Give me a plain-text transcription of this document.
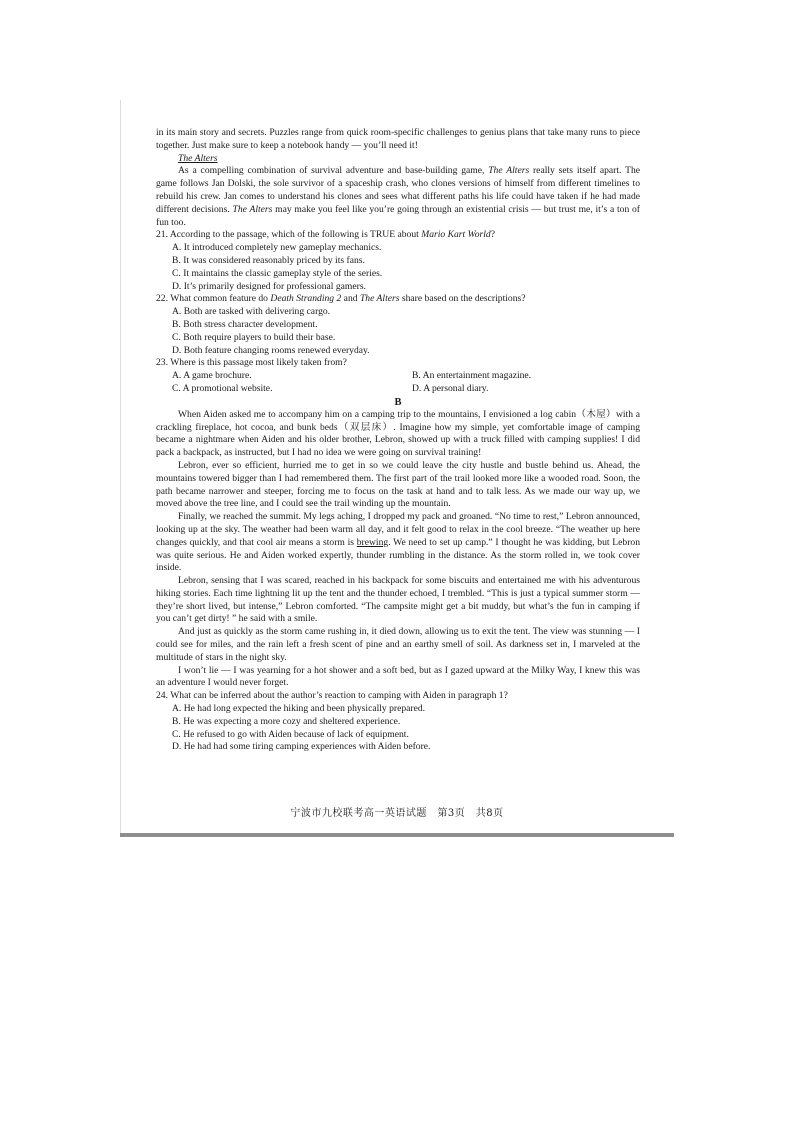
in its main story and secrets. Puzzles range from quick room-specific challenges to genius plans that take many runs to piece together. Just make sure to keep a notebook handy — you’ll need it!

The Alters

As a compelling combination of survival adventure and base-building game, The Alters really sets itself apart. The game follows Jan Dolski, the sole survivor of a spaceship crash, who clones versions of himself from different timelines to rebuild his crew. Jan comes to understand his clones and sees what different paths his life could have taken if he had made different decisions. The Alters may make you feel like you’re going through an existential crisis — but trust me, it’s a ton of fun too.

21. According to the passage, which of the following is TRUE about Mario Kart World?

A. It introduced completely new gameplay mechanics.

B. It was considered reasonably priced by its fans.

C. It maintains the classic gameplay style of the series.

D. It’s primarily designed for professional gamers.

22. What common feature do Death Stranding 2 and The Alters share based on the descriptions?

A. Both are tasked with delivering cargo.

B. Both stress character development.

C. Both require players to build their base.

D. Both feature changing rooms renewed everyday.

23. Where is this passage most likely taken from?

A. A game brochure.	B. An entertainment magazine.
C. A promotional website.	D. A personal diary.

B

When Aiden asked me to accompany him on a camping trip to the mountains, I envisioned a log cabin（木屋）with a crackling fireplace, hot cocoa, and bunk beds（双层床）. Imagine how my simple, yet comfortable image of camping became a nightmare when Aiden and his older brother, Lebron, showed up with a truck filled with camping supplies! I did pack a backpack, as instructed, but I had no idea we were going on survival training!

Lebron, ever so efficient, hurried me to get in so we could leave the city hustle and bustle behind us. Ahead, the mountains towered bigger than I had remembered them. The first part of the trail looked more like a wooded road. Soon, the path became narrower and steeper, forcing me to focus on the task at hand and to talk less. As we made our way up, we moved above the tree line, and I could see the trail winding up the mountain.

Finally, we reached the summit. My legs aching, I dropped my pack and groaned. “No time to rest,” Lebron announced, looking up at the sky. The weather had been warm all day, and it felt good to relax in the cool breeze. “The weather up here changes quickly, and that cool air means a storm is brewing. We need to set up camp.” I thought he was kidding, but Lebron was quite serious. He and Aiden worked expertly, thunder rumbling in the distance. As the storm rolled in, we took cover inside.

Lebron, sensing that I was scared, reached in his backpack for some biscuits and entertained me with his adventurous hiking stories. Each time lightning lit up the tent and the thunder echoed, I trembled. “This is just a typical summer storm — they’re short lived, but intense,” Lebron comforted. “The campsite might get a bit muddy, but what’s the fun in camping if you can’t get dirty! ” he said with a smile.

And just as quickly as the storm came rushing in, it died down, allowing us to exit the tent. The view was stunning — I could see for miles, and the rain left a fresh scent of pine and an earthy smell of soil. As darkness set in, I marveled at the multitude of stars in the night sky.

I won’t lie — I was yearning for a hot shower and a soft bed, but as I gazed upward at the Milky Way, I knew this was an adventure I would never forget.

24. What can be inferred about the author’s reaction to camping with Aiden in paragraph 1?

A. He had long expected the hiking and been physically prepared.

B. He was expecting a more cozy and sheltered experience.

C. He refused to go with Aiden because of lack of equipment.

D. He had had some tiring camping experiences with Aiden before.

宁波市九校联考高一英语试题　第3页　共8页
